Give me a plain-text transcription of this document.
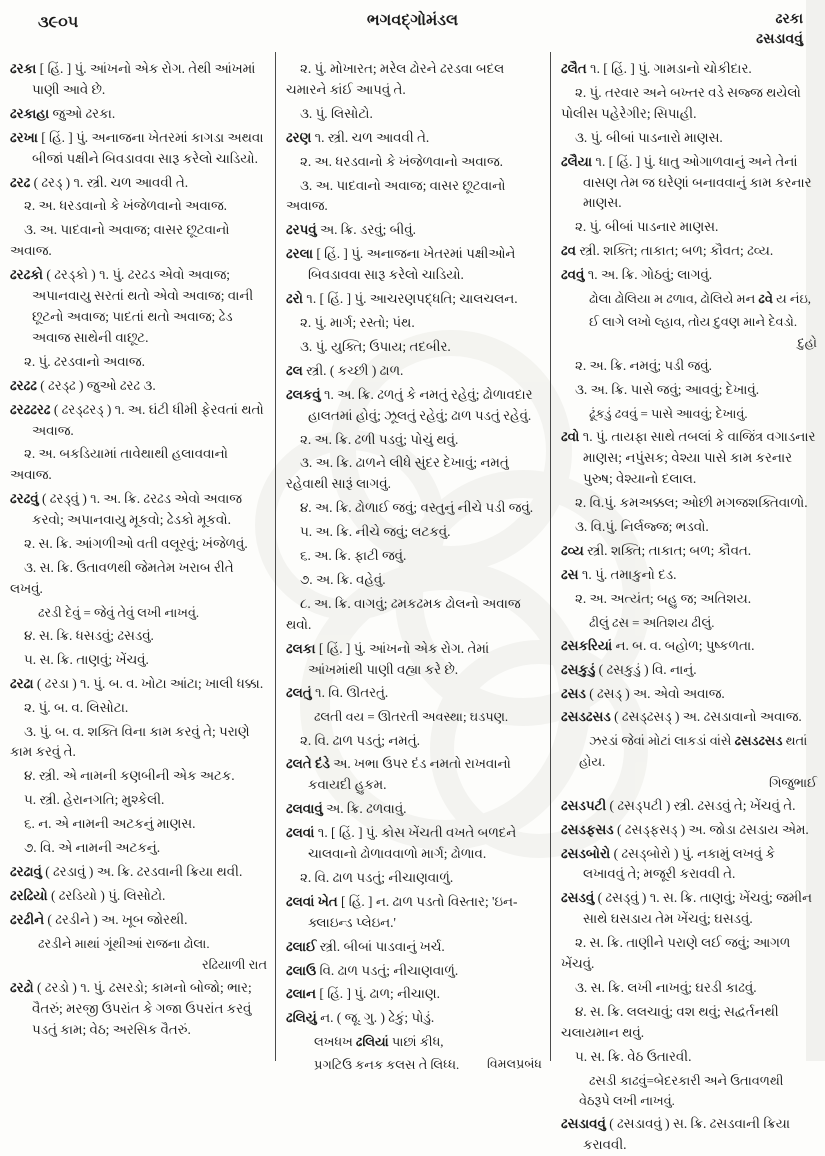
૩૯૦૫	ભગવદ્ગોમંડલ	ઢરકા
ઢસડાવવું
ઢરકા [ હિં. ] પું. આંખનો એક રોગ. તેથી આંખમાં પાણી આવે છે.
ઢરકાહા જુઓ ઢરકા.
ઢરખા [ હિં. ] પું. અનાજના ખેતરમાં કાગડા અથવા બીજાં પક્ષીને બિવડાવવા સારૂ કરેલો ચાડિયો.
ઢરઢ ( ઢરડ્ ) ૧. સ્ત્રી. ચળ આવવી તે.
૨. અ. ધરડવાનો કે ખંજેળવાનો અવાજ.
૩. અ. પાદવાનો અવાજ; વાસર છૂટવાનો અવાજ.
ઢરઢકો ( ઢરડ્કો ) ૧. પું. ઢરઢડ એવો અવાજ; અપાનવાયુ સરતાં થતો એવો અવાજ; વાની છૂટનો અવાજ; પાદતાં થતો અવાજ; ઢેડ અવાજ સાથેની વાછૂટ.
૨. પું. ઢરડવાનો અવાજ.
ઢરઢઢ ( ઢરડ્ઢ ) જુઓ ઢરઢ ૩.
ઢરઢઢરઢ ( ઢરડ્ઢરડ્ ) ૧. અ. ઘંટી ધીમી ફેરવતાં થતો અવાજ.
૨. અ. બકડિયામાં તાવેથાથી હલાવવાનો અવાજ.
ઢરઢવું ( ઢરડ્વું ) ૧. અ. ક્રિ. ઢરઢડ એવો અવાજ કરવો; અપાનવાયુ મૂકવો; ઢેડકો મૂકવો.
૨. સ. ક્રિ. આંગળીઓ વતી વલૂરવું; ખંજેળવું.
૩. સ. ક્રિ. ઉતાવળથી જેમતેમ ખરાબ રીતે લખવું.
ઢરડી દેવું = જેવું તેવું લખી નાખવું.
૪. સ. ક્રિ. ધસડવું; ઢસડવું.
૫. સ. ક્રિ. તાણવું; ખેંચવું.
ઢરઢા ( ઢરડા ) ૧. પું. બ. વ. ખોટા આંટા; ખાલી ધક્કા.
૨. પું. બ. વ. લિસોટા.
૩. પું. બ. વ. શક્તિ વિના કામ કરવું તે; પરાણે કામ કરવું તે.
૪. સ્ત્રી. એ નામની કણબીની એક અટક.
૫. સ્ત્રી. હેરાનગતિ; મુશ્કેલી.
૬. ન. એ નામની અટકનું માણસ.
૭. વિ. એ નામની અટકનું.
ઢરઢાવું ( ઢરડાવું ) અ. ક્રિ. ઢરડવાની ક્રિયા થવી.
ઢરઢિયો ( ઢરડિયો ) પું. લિસોટો.
ઢરઢીને ( ઢરડીને ) અ. ખૂબ જોરથી.
ઢરડીને માથાં ગૂંથીઆં રાજના ઢોલા.
રઢિયાળી રાત
ઢરઢો ( ઢરડો ) ૧. પું. ઢસરડો; કામનો બોજો; ભાર; વૈતરું; મરજી ઉપરાંત કે ગજા ઉપરાંત કરવું પડતું કામ; વેઠ; અરસિક વૈતરું.
૨. પું. મોખારત; મરેલ ઢોરને ઢરડવા બદલ ચમારને કાંઈ આપવું તે.
૩. પું. લિસોટો.
ઢરણ ૧. સ્ત્રી. ચળ આવવી તે.
૨. અ. ધરડવાનો કે ખંજેળવાનો અવાજ.
૩. અ. પાદવાનો અવાજ; વાસર છૂટવાનો અવાજ.
ઢરપવું અ. ક્રિ. ડરવું; બીવું.
ઢરલા [ હિં. ] પું. અનાજના ખેતરમાં પક્ષીઓને બિવડાવવા સારૂ કરેલો ચાડિયો.
ઢરો ૧. [ હિં. ] પું. આચરણપદ્ધતિ; ચાલચલન.
૨. પું. માર્ગ; રસ્તો; પંથ.
૩. પું. યુક્તિ; ઉપાય; તદબીર.
ઢલ સ્ત્રી. ( કચ્છી ) ઢાળ.
ઢલકવું ૧. અ. ક્રિ. ઢળતું કે નમતું રહેવું; ઢોળાવદાર હાલતમાં હોવું; ઝૂલતું રહેવું; ઢાળ પડતું રહેવું.
૨. અ. ક્રિ. ઢળી પડવું; પોચું થવું.
૩. અ. ક્રિ. ઢાળને લીધે સુંદર દેખાવું; નમતું રહેવાથી સારૂં લાગવું.
૪. અ. ક્રિ. ઢોળાઈ જવું; વસ્તુનું નીચે પડી જવું.
૫. અ. ક્રિ. નીચે જવું; લટકવું.
૬. અ. ક્રિ. ફાટી જવું.
૭. અ. ક્રિ. વહેવું.
૮. અ. ક્રિ. વાગવું; ઢમકઢમક ઢોલનો અવાજ થવો.
ઢલકા [ હિં. ] પું. આંખનો એક રોગ. તેમાં આંખમાંથી પાણી વહ્યા કરે છે.
ઢલતું ૧. વિ. ઊતરતું.
ઢલતી વય = ઊતરતી અવસ્થા; ઘડપણ.
૨. વિ. ઢાળ પડતું; નમતું.
ઢલતે દંડે અ. ખભા ઉપર દંડ નમતો રાખવાનો કવાયદી હુકમ.
ઢલવાવું અ. ક્રિ. ઢળવાવું.
ઢલવાં ૧. [ હિં. ] પું. કોસ ખેંચતી વખતે બળદને ચાલવાનો ઢોળાવવાળો માર્ગ; ઢોળાવ.
૨. વિ. ઢાળ પડતું; નીચાણવાળું.
ઢલવાં ખેત [ હિં. ] ન. ઢાળ પડતો વિસ્તાર; 'ઇન-ક્લાઇન્ડ પ્લેઇન.'
ઢલાઈ સ્ત્રી. બીબાં પાડવાનું ખર્ચ.
ઢલાઉ વિ. ઢાળ પડતું; નીચાણવાળું.
ઢલાન [ હિં. ] પું. ઢાળ; નીચાણ.
ઢલિયું ન. ( જૂ. ગુ. ) ઢેકું; પોડું.
લખધખ ઢલિયાં પાછાં કીધ,
વિમલપ્રબંધ
પ્રગટિઉ કનક કલસ તે લિધ્ધ.
ઢલૈત ૧. [ હિં. ] પું. ગામડાનો ચોકીદાર.
૨. પું. તરવાર અને બખ્તર વડે સજ્જ થયેલો પોલીસ પહેરેગીર; સિપાહી.
૩. પું. બીબાં પાડનારો માણસ.
ઢલૈયા ૧. [ હિં. ] પું. ધાતુ ઓગાળવાનું અને તેનાં વાસણ તેમ જ ઘરેણાં બનાવવાનું કામ કરનાર માણસ.
૨. પું. બીબાં પાડનાર માણસ.
ઢવ સ્ત્રી. શક્તિ; તાકાત; બળ; કૌવત; ઢવ્ય.
ઢવવું ૧. અ. ક્રિ. ગોઠવું; લાગવું.
ઢોલા ઢોલિયા મ ઢળાવ, ઢોલિયે મન ઢવે ય નંઇ,
ઈ લાગે લખો લ્હાવ, તોય દુવણ માને દેવડો.
દુહો
૨. અ. ક્રિ. નમવું; પડી જવું.
૩. અ. ક્રિ. પાસે જવું; આવવું; દેખાવું.
ઢૂંકડું ઢવવું = પાસે આવવું; દેખાવું.
ઢવો ૧. પું. તાયફા સાથે તબલાં કે વાજિંત્ર વગાડનાર માણસ; નપુંસક; વેશ્યા પાસે કામ કરનાર પુરુષ; વેશ્યાનો દલાલ.
૨. વિ.પું. કમઅક્કલ; ઓછી મગજશક્તિવાળો.
૩. વિ.પું. નિર્લજ્જ; ભડવો.
ઢવ્ય સ્ત્રી. શક્તિ; તાકાત; બળ; કૌવત.
ઢસ ૧. પું. તમાકુનો દડ.
૨. અ. અત્યંત; બહુ જ; અતિશય.
ઢીલું ઢસ = અતિશય ઢીલું.
ઢસકરિયાં ન. બ. વ. બહોળ; પુષ્કળતા.
ઢસકુડું ( ઢસકુડું ) વિ. નાનું.
ઢસડ ( ઢસડ્ ) અ. એવો અવાજ.
ઢસડઢસડ ( ઢસડ્ઢસડ્ ) અ. ઢસડાવાનો અવાજ.
ઝરડાં જેવાં મોટાં લાકડાં વાંસે ઢસડઢસડ થતાં હોય.
ગિજુભાઈ
ઢસડપટી ( ઢસડ્પટી ) સ્ત્રી. ઢસડવું તે; ખેંચવું તે.
ઢસડફસડ ( ઢસડ્ફસડ્ ) અ. જોડા ઢસડાય એમ.
ઢસડબોરો ( ઢસડ્બોરો ) પું. નકામું લખવું કે લખાવવું તે; મજૂરી કરાવવી તે.
ઢસડવું ( ઢસડ્વું ) ૧. સ. ક્રિ. તાણવું; ખેંચવું; જમીન સાથે ઘસડાય તેમ ખેંચવું; ઘસડવું.
૨. સ. ક્રિ. તાણીને પરાણે લઈ જવું; આગળ ખેંચવું.
૩. સ. ક્રિ. લખી નાખવું; ઘરડી કાઢવું.
૪. સ. ક્રિ. લલચાવું; વશ થવું; સદ્વર્તનથી ચલાયમાન થવું.
૫. સ. ક્રિ. વેઠ ઉતારવી.
ઢસડી કાઢવું=બેદરકારી અને ઉતાવળથી વેઠરૂપે લખી નાખવું.
ઢસડાવવું ( ઢસડાવવું ) સ. ક્રિ. ઢસડવાની ક્રિયા કરાવવી.
